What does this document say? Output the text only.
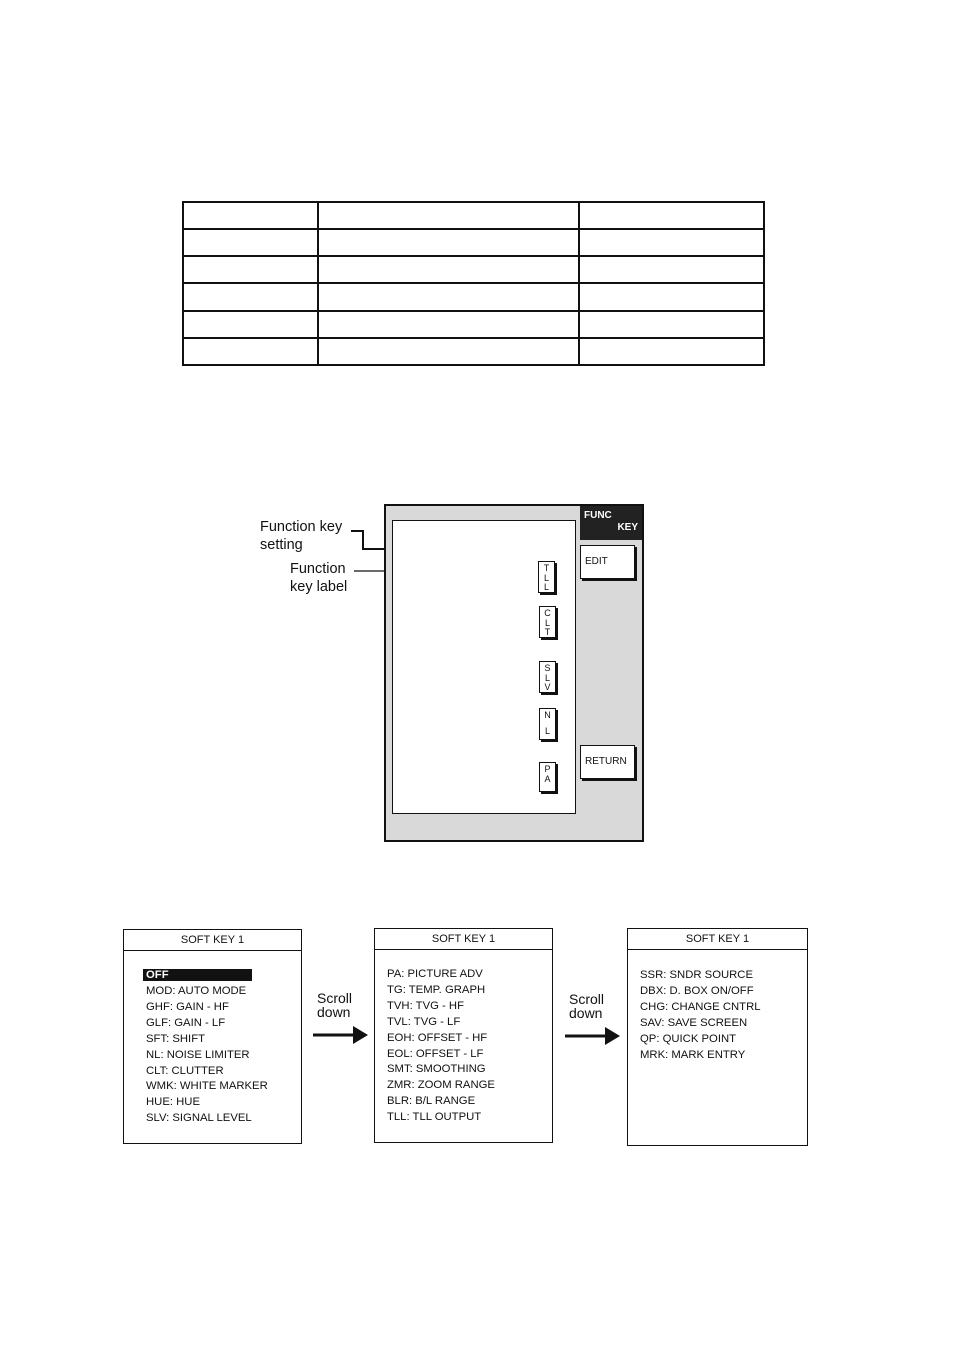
Function key
setting
Function
key label
T
L
L
C
L
T
S
L
V
N
L
P
A
FUNC
KEY
EDIT
RETURN
SOFT KEY 1
OFF
MOD: AUTO MODE
GHF: GAIN - HF
GLF: GAIN - LF
SFT: SHIFT
NL: NOISE LIMITER
CLT: CLUTTER
WMK: WHITE MARKER
HUE: HUE
SLV: SIGNAL LEVEL
Scroll
down
SOFT KEY 1
PA: PICTURE ADV
TG: TEMP. GRAPH
TVH: TVG - HF
TVL: TVG - LF
EOH: OFFSET - HF
EOL: OFFSET - LF
SMT: SMOOTHING
ZMR: ZOOM RANGE
BLR: B/L RANGE
TLL: TLL OUTPUT
Scroll
down
SOFT KEY 1
SSR: SNDR SOURCE
DBX: D. BOX ON/OFF
CHG: CHANGE CNTRL
SAV: SAVE SCREEN
QP: QUICK POINT
MRK: MARK ENTRY
